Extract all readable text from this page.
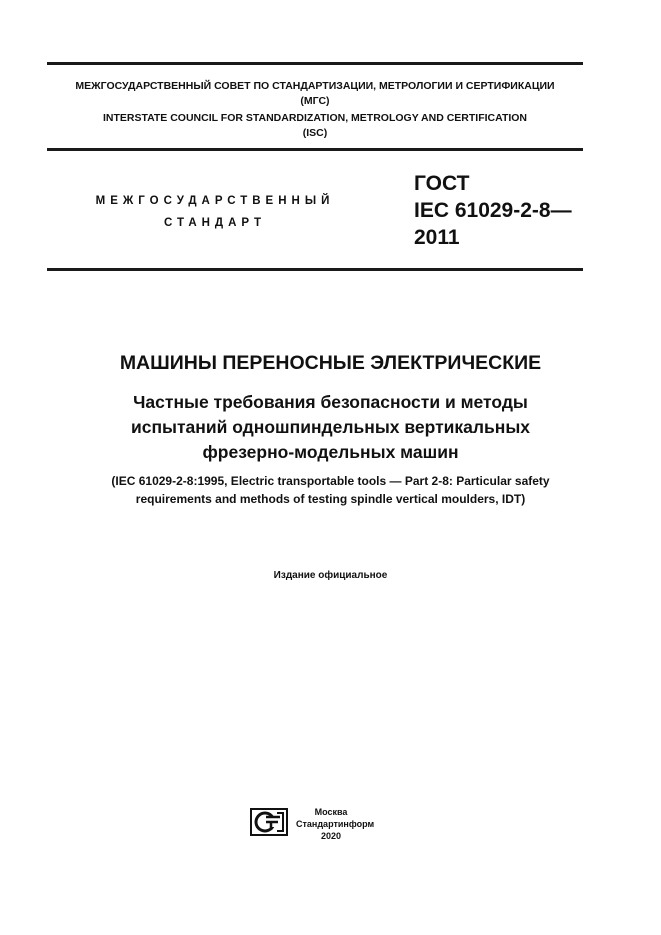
МЕЖГОСУДАРСТВЕННЫЙ СОВЕТ ПО СТАНДАРТИЗАЦИИ, МЕТРОЛОГИИ И СЕРТИФИКАЦИИ
(МГС)
INTERSTATE COUNCIL FOR STANDARDIZATION, METROLOGY AND CERTIFICATION
(ISC)
МЕЖГОСУДАРСТВЕННЫЙ
СТАНДАРТ
ГОСТ
IEC 61029-2-8—
2011
МАШИНЫ ПЕРЕНОСНЫЕ ЭЛЕКТРИЧЕСКИЕ
Частные требования безопасности и методы
испытаний одношпиндельных вертикальных
фрезерно-модельных машин
(IEC 61029-2-8:1995, Electric transportable tools — Part 2-8: Particular safety
requirements and methods of testing spindle vertical moulders, IDT)
Издание официальное
Москва
Стандартинформ
2020
